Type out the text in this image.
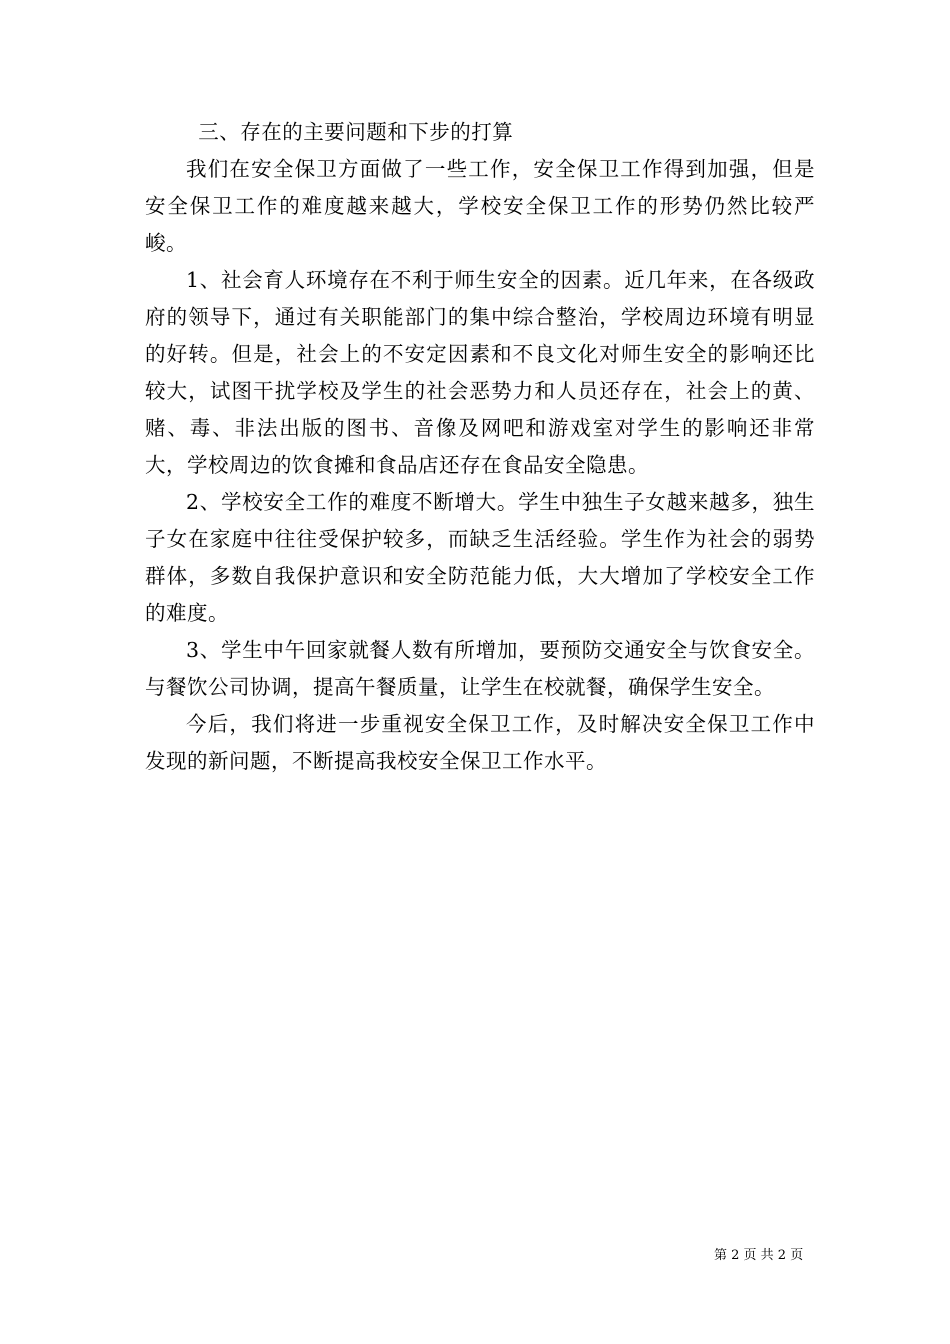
三、存在的主要问题和下步的打算

我们在安全保卫方面做了一些工作，安全保卫工作得到加强，但是安全保卫工作的难度越来越大，学校安全保卫工作的形势仍然比较严峻。

1、社会育人环境存在不利于师生安全的因素。近几年来，在各级政府的领导下，通过有关职能部门的集中综合整治，学校周边环境有明显的好转。但是，社会上的不安定因素和不良文化对师生安全的影响还比较大，试图干扰学校及学生的社会恶势力和人员还存在，社会上的黄、赌、毒、非法出版的图书、音像及网吧和游戏室对学生的影响还非常大，学校周边的饮食摊和食品店还存在食品安全隐患。

2、学校安全工作的难度不断增大。学生中独生子女越来越多，独生子女在家庭中往往受保护较多，而缺乏生活经验。学生作为社会的弱势群体，多数自我保护意识和安全防范能力低，大大增加了学校安全工作的难度。

3、学生中午回家就餐人数有所增加，要预防交通安全与饮食安全。与餐饮公司协调，提高午餐质量，让学生在校就餐，确保学生安全。

今后，我们将进一步重视安全保卫工作，及时解决安全保卫工作中发现的新问题，不断提高我校安全保卫工作水平。

第 2 页 共 2 页
